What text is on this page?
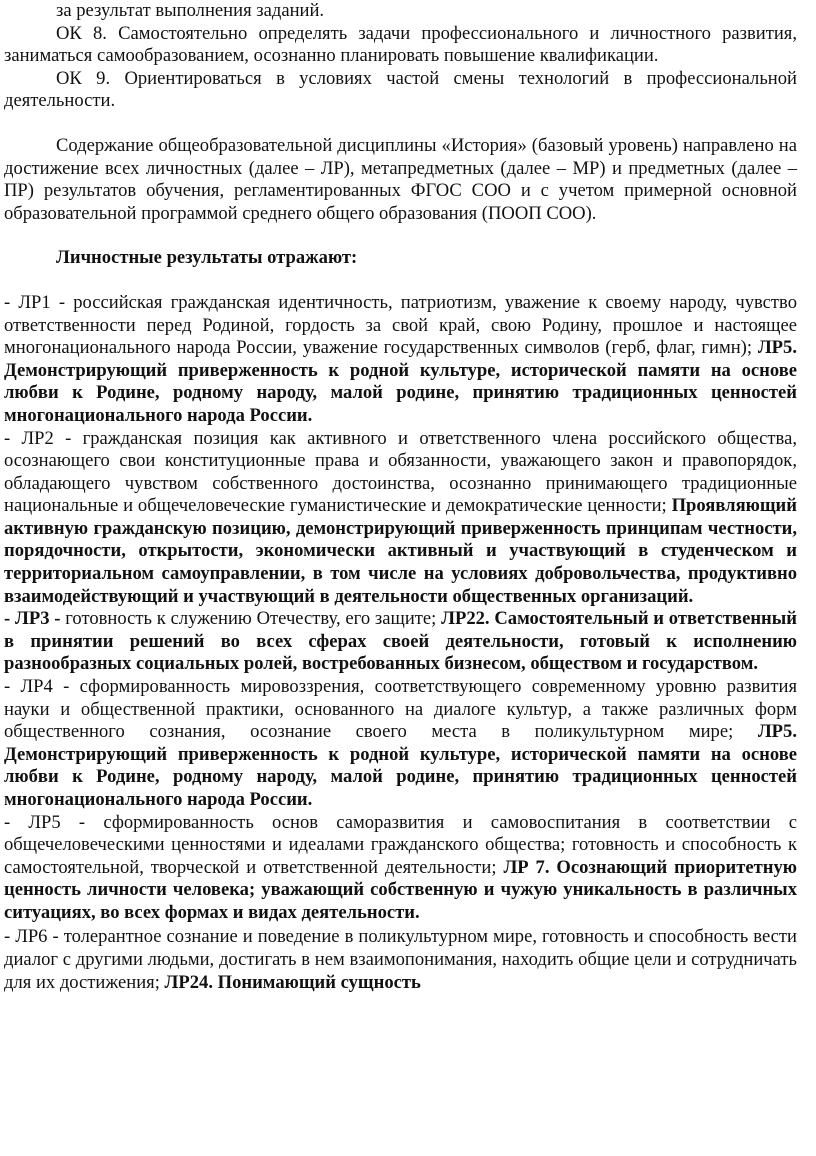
за результат выполнения заданий.

ОК 8. Самостоятельно определять задачи профессионального и личностного развития, заниматься самообразованием, осознанно планировать повышение квалификации.

ОК 9. Ориентироваться в условиях частой смены технологий в профессиональной деятельности.

Содержание общеобразовательной дисциплины «История» (базовый уровень) направлено на достижение всех личностных (далее – ЛР), метапредметных (далее – МР) и предметных (далее – ПР) результатов обучения, регламентированных ФГОС СОО и с учетом примерной основной образовательной программой среднего общего образования (ПООП СОО).

Личностные результаты отражают:

- ЛР1 - российская гражданская идентичность, патриотизм, уважение к своему народу, чувство ответственности перед Родиной, гордость за свой край, свою Родину, прошлое и настоящее многонационального народа России, уважение государственных символов (герб, флаг, гимн); ЛР5. Демонстрирующий приверженность к родной культуре, исторической памяти на основе любви к Родине, родному народу, малой родине, принятию традиционных ценностей многонационального народа России.

- ЛР2 - гражданская позиция как активного и ответственного члена российского общества, осознающего свои конституционные права и обязанности, уважающего закон и правопорядок, обладающего чувством собственного достоинства, осознанно принимающего традиционные национальные и общечеловеческие гуманистические и демократические ценности; Проявляющий активную гражданскую позицию, демонстрирующий приверженность принципам честности, порядочности, открытости, экономически активный и участвующий в студенческом и территориальном самоуправлении, в том числе на условиях добровольчества, продуктивно взаимодействующий и участвующий в деятельности общественных организаций.

- ЛР3 - готовность к служению Отечеству, его защите; ЛР22. Самостоятельный и ответственный в принятии решений во всех сферах своей деятельности, готовый к исполнению разнообразных социальных ролей, востребованных бизнесом, обществом и государством.

- ЛР4 - сформированность мировоззрения, соответствующего современному уровню развития науки и общественной практики, основанного на диалоге культур, а также различных форм общественного сознания, осознание своего места в поликультурном мире; ЛР5. Демонстрирующий приверженность к родной культуре, исторической памяти на основе любви к Родине, родному народу, малой родине, принятию традиционных ценностей многонационального народа России.

- ЛР5 - сформированность основ саморазвития и самовоспитания в соответствии с общечеловеческими ценностями и идеалами гражданского общества; готовность и способность к самостоятельной, творческой и ответственной деятельности; ЛР 7. Осознающий приоритетную ценность личности человека; уважающий собственную и чужую уникальность в различных ситуациях, во всех формах и видах деятельности.

- ЛР6 - толерантное сознание и поведение в поликультурном мире, готовность и способность вести диалог с другими людьми, достигать в нем взаимопонимания, находить общие цели и сотрудничать для их достижения; ЛР24. Понимающий сущность
